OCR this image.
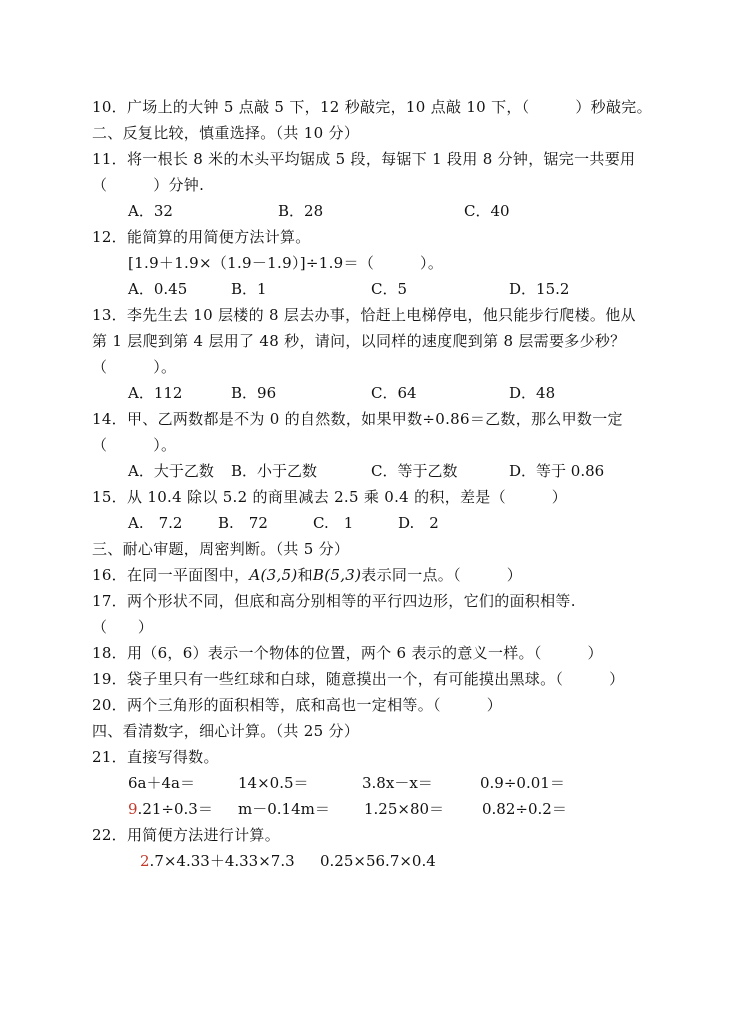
10．广场上的大钟 5 点敲 5 下，12 秒敲完，10 点敲 10 下，（　　　）秒敲完。
二、反复比较，慎重选择。（共 10 分）
11．将一根长 8 米的木头平均锯成 5 段，每锯下 1 段用 8 分钟，锯完一共要用
（　　　）分钟.
A．32	B．28	C．40
12．能简算的用简便方法计算。
[1.9＋1.9×（1.9－1.9）]÷1.9＝（　　　）。
A．0.45	B．1	C．5	D．15.2
13．李先生去 10 层楼的 8 层去办事，恰赶上电梯停电，他只能步行爬楼。他从
第 1 层爬到第 4 层用了 48 秒，请问，以同样的速度爬到第 8 层需要多少秒？
（　　　）。
A．112	B．96	C．64	D．48
14．甲、乙两数都是不为 0 的自然数，如果甲数÷0.86＝乙数，那么甲数一定
（　　　）。
A．大于乙数 B．小于乙数	C．等于乙数	D．等于 0.86
15．从 10.4 除以 5.2 的商里减去 2.5 乘 0.4 的积，差是（　　　）
A.　7.2 B.　72	C.　1	D.　2
三、耐心审题，周密判断。（共 5 分）
16．在同一平面图中，A(3,5)和B(5,3)表示同一点。（　　　）
17．两个形状不同，但底和高分别相等的平行四边形，它们的面积相等.
（　　）
18．用（6，6）表示一个物体的位置，两个 6 表示的意义一样。（　　　）
19．袋子里只有一些红球和白球，随意摸出一个，有可能摸出黑球。（　　　）
20．两个三角形的面积相等，底和高也一定相等。（　　　）
四、看清数字，细心计算。（共 25 分）
21．直接写得数。
6a＋4a＝	14×0.5＝	3.8x－x＝	0.9÷0.01＝
9.21÷0.3＝ m－0.14m＝ 1.25×80＝	0.82÷0.2＝
22．用简便方法进行计算。
2.7×4.33＋4.33×7.3 0.25×56.7×0.4
